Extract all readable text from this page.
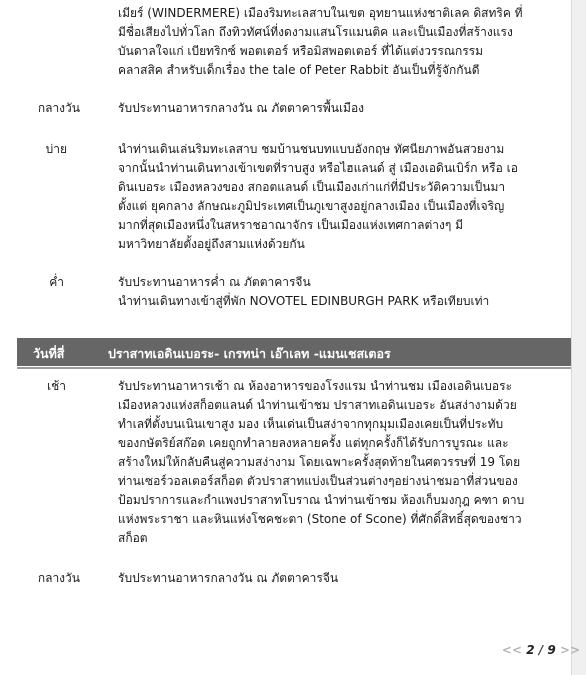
เมียร์ (WINDERMERE) เมืองริมทะเลสาบในเขต อุทยานแห่งชาติเลค ดิสทริค ที่
มีชื่อเสียงไปทั่วโลก ถึงทิวทัศน์ที่งดงามแสนโรแมนติค และเป็นเมืองที่สร้างแรง
บันดาลใจแก่ เบียทริกซ์ พอตเตอร์ หรือมิสพอตเตอร์ ที่ได้แต่งวรรณกรรม
คลาสสิค สำหรับเด็กเรื่อง the tale of Peter Rabbit อันเป็นที่รู้จักกันดี
กลางวัน	รับประทานอาหารกลางวัน ณ ภัตตาคารพื้นเมือง
บ่าย	นำท่านเดินเล่นริมทะเลสาบ ชมบ้านชนบทแบบอังกฤษ ทัศนียภาพอันสวยงาม
จากนั้นนำท่านเดินทางเข้าเขตที่ราบสูง หรือไฮแลนด์ สู่ เมืองเอดินเบิร์ก หรือ เอ
ดินเบอระ เมืองหลวงของ สกอตแลนด์ เป็นเมืองเก่าแก่ที่มีประวัติความเป็นมา
ตั้งแต่ ยุคกลาง ลักษณะภูมิประเทศเป็นภูเขาสูงอยู่กลางเมือง เป็นเมืองที่เจริญ
มากที่สุดเมืองหนึ่งในสหราชอาณาจักร เป็นเมืองแห่งเทศกาลต่างๆ มี
มหาวิทยาลัยตั้งอยู่ถึงสามแห่งด้วยกัน
ค่ำ	รับประทานอาหารค่ำ ณ ภัตตาคารจีน
นำท่านเดินทางเข้าสู่ที่พัก NOVOTEL EDINBURGH PARK หรือเทียบเท่า
วันที่สี่	ปราสาทเอดินเบอระ- เกรทน่า เอ๊าเลท -แมนเชสเตอร
เช้า	รับประทานอาหารเช้า ณ ห้องอาหารของโรงแรม นำท่านชม เมืองเอดินเบอระ
เมืองหลวงแห่งสก็อตแลนด์ นำท่านเข้าชม ปราสาทเอดินเบอระ อันสง่างามด้วย
ทำเลที่ตั้งบนเนินเขาสูง มอง เห็นเด่นเป็นสง่าจากทุกมุมเมืองเคยเป็นที่ประทับ
ของกษัตริย์สก๊อต เคยถูกทำลายลงหลายครั้ง แต่ทุกครั้งก็ได้รับการบูรณะ และ
สร้างใหม่ให้กลับคืนสู่ความสง่างาม โดยเฉพาะครั้งสุดท้ายในศตวรรษที่ 19 โดย
ท่านเซอร์วอลเตอร์สก็อต ตัวปราสาทแบ่งเป็นส่วนต่างๆอย่างน่าชมอาที่ส่วนของ
ป้อมปราการและกำแพงปราสาทโบราณ นำท่านเข้าชม ห้องเก็บมงกุฎ คฑา ดาบ
แห่งพระราชา และหินแห่งโชคชะตา (Stone of Scone) ที่ศักดิ์สิทธิ์สุดของชาว
สก็อต
กลางวัน	รับประทานอาหารกลางวัน ณ ภัตตาคารจีน
<< 2 / 9 >>
